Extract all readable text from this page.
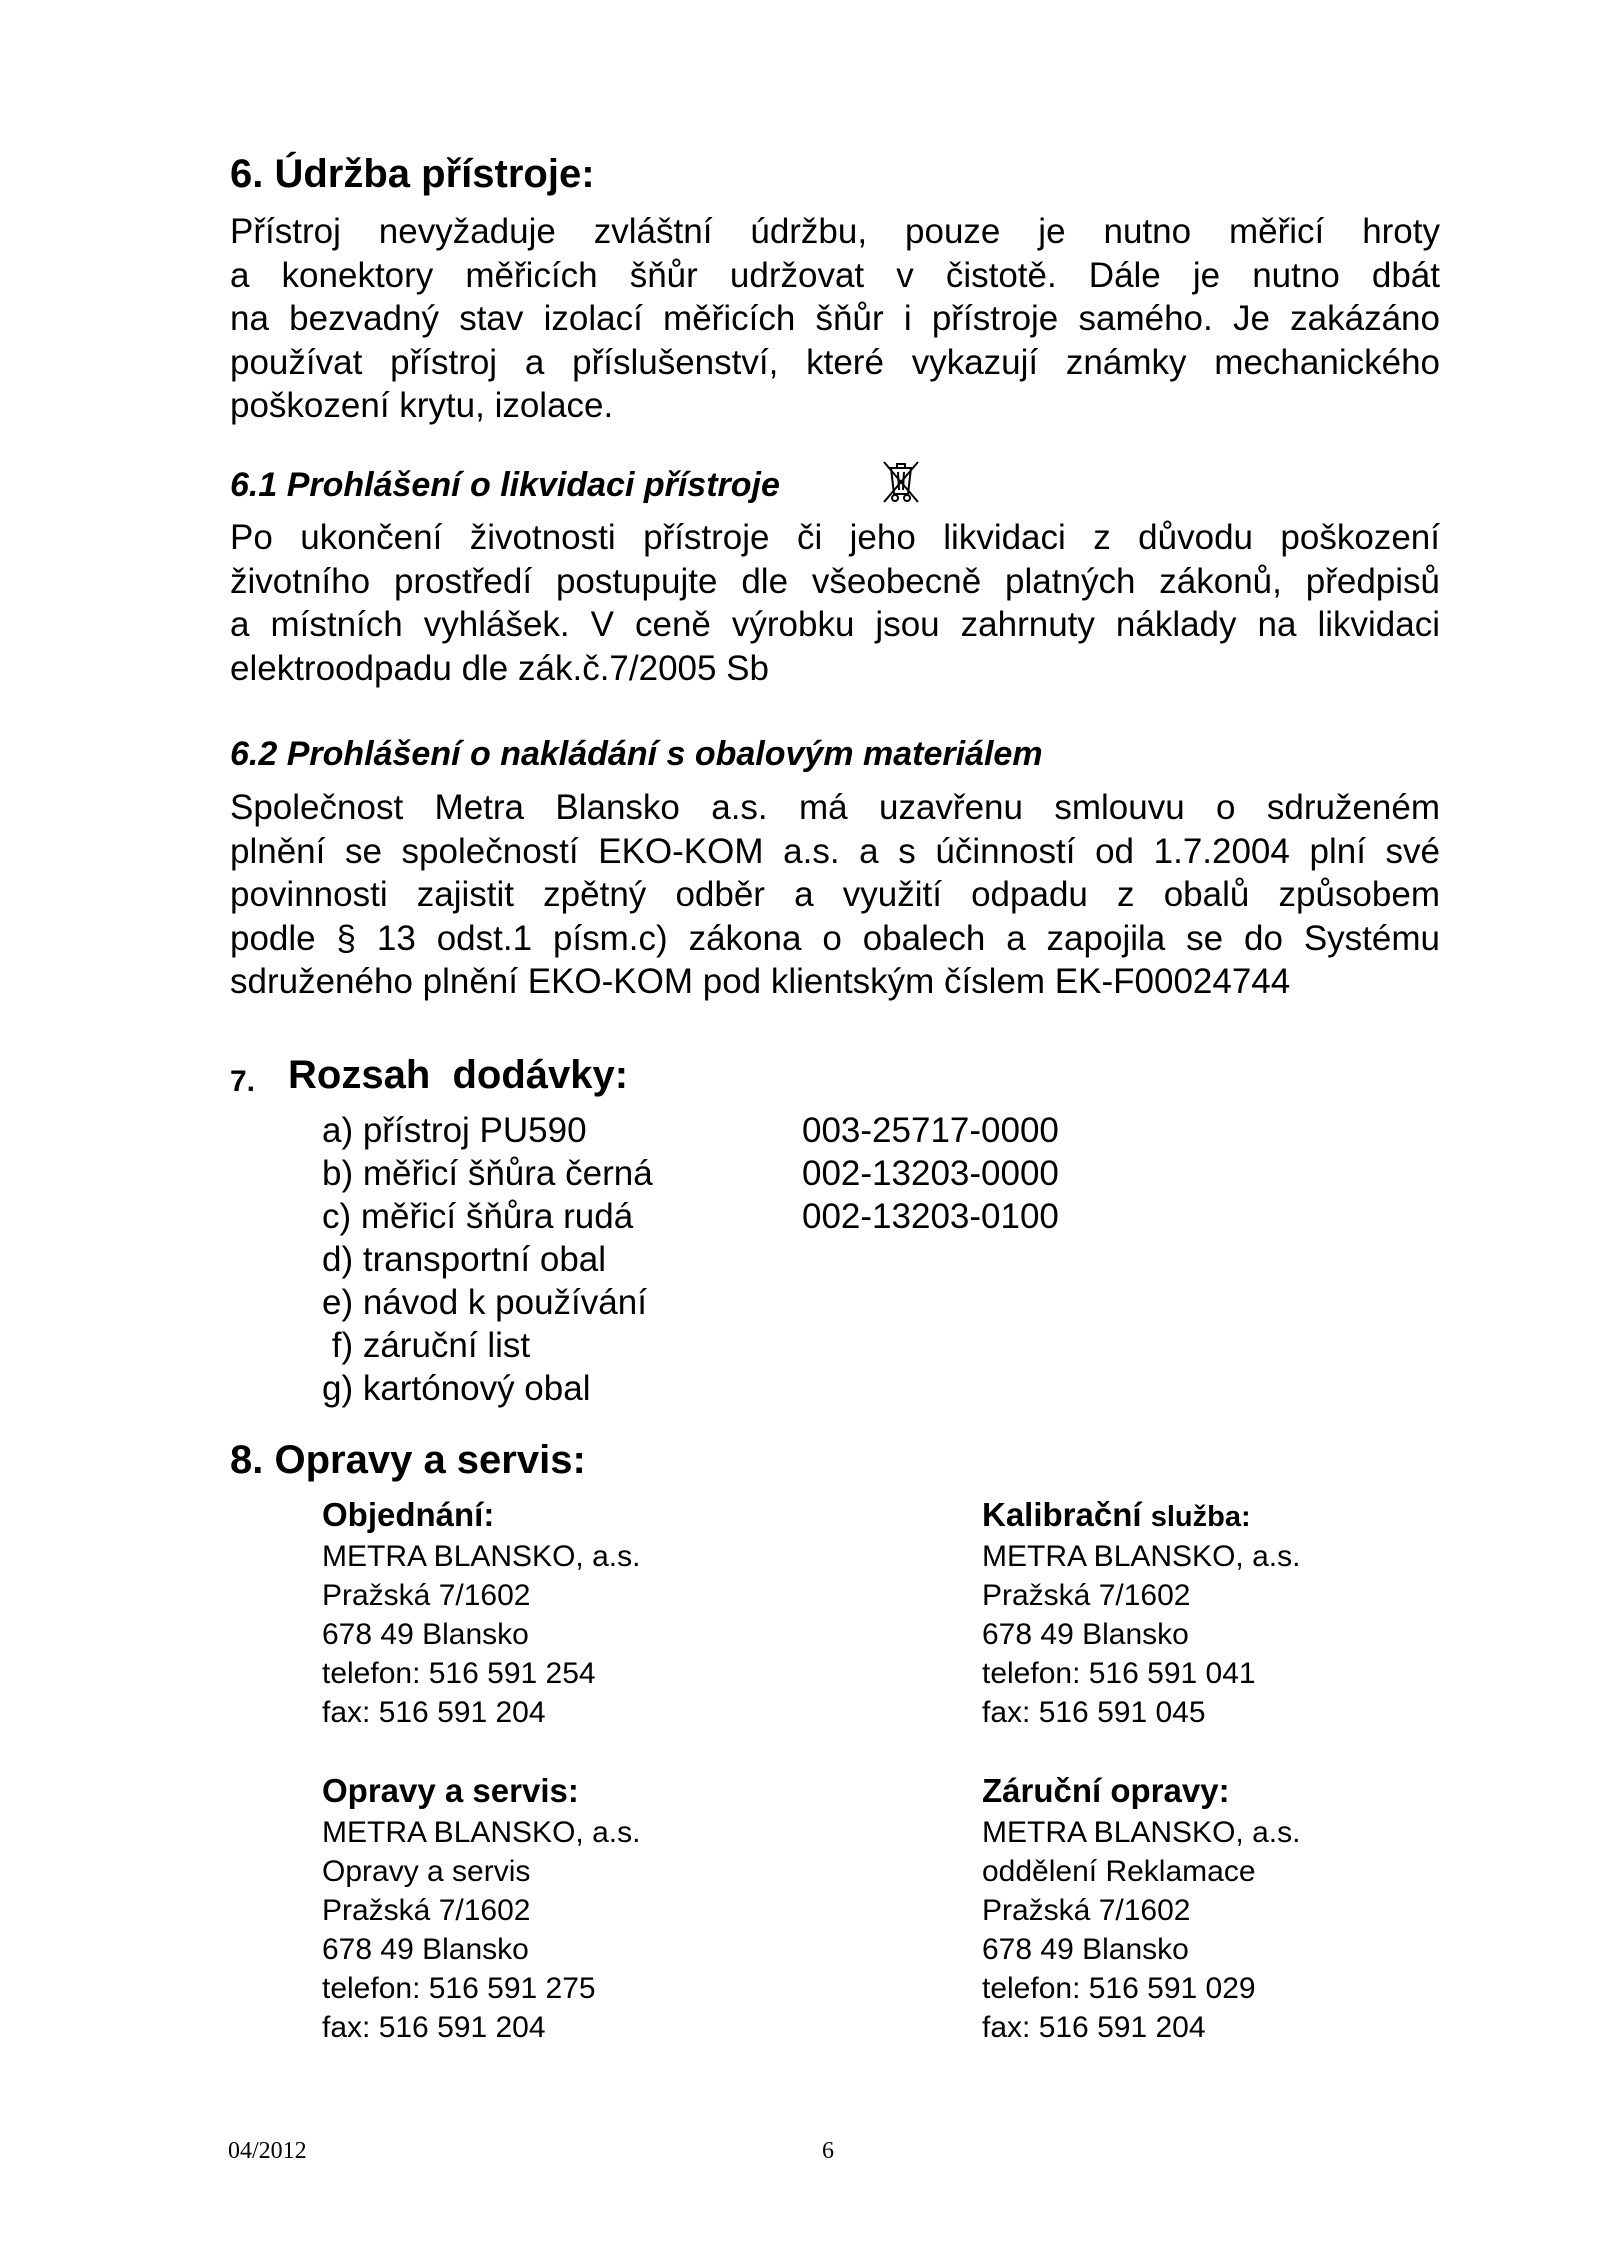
6. Údržba přístroje:
Přístroj nevyžaduje zvláštní údržbu, pouze je nutno měřicí hroty
a konektory měřicích šňůr udržovat v čistotě. Dále je nutno dbát
na bezvadný stav izolací měřicích šňůr i přístroje samého. Je zakázáno
používat přístroj a příslušenství, které vykazují známky mechanického
poškození krytu, izolace.
6.1 Prohlášení o likvidaci přístroje
Po ukončení životnosti přístroje či jeho likvidaci z důvodu poškození
životního prostředí postupujte dle všeobecně platných zákonů, předpisů
a místních vyhlášek. V ceně výrobku jsou zahrnuty náklady na likvidaci
elektroodpadu dle zák.č.7/2005 Sb
6.2 Prohlášení o nakládání s obalovým materiálem
Společnost Metra Blansko a.s. má uzavřenu smlouvu o sdruženém
plnění se společností EKO-KOM a.s. a s účinností od 1.7.2004 plní své
povinnosti zajistit zpětný odběr a využití odpadu z obalů způsobem
podle § 13 odst.1 písm.c) zákona o obalech a zapojila se do Systému
sdruženého plnění EKO-KOM pod klientským číslem EK-F00024744
7. Rozsah  dodávky:
a) přístroj PU590	003-25717-0000
b) měřicí šňůra černá	002-13203-0000
c) měřicí šňůra rudá	002-13203-0100
d) transportní obal
e) návod k používání
f) záruční list
g) kartónový obal
8. Opravy a servis:
Objednání:
METRA BLANSKO, a.s.
Pražská 7/1602
678 49 Blansko
telefon: 516 591 254
fax: 516 591 204
Kalibrační služba:
METRA BLANSKO, a.s.
Pražská 7/1602
678 49 Blansko
telefon: 516 591 041
fax: 516 591 045
Opravy a servis:
METRA BLANSKO, a.s.
Opravy a servis
Pražská 7/1602
678 49 Blansko
telefon: 516 591 275
fax: 516 591 204
Záruční opravy:
METRA BLANSKO, a.s.
oddělení Reklamace
Pražská 7/1602
678 49 Blansko
telefon: 516 591 029
fax: 516 591 204
04/2012	6
